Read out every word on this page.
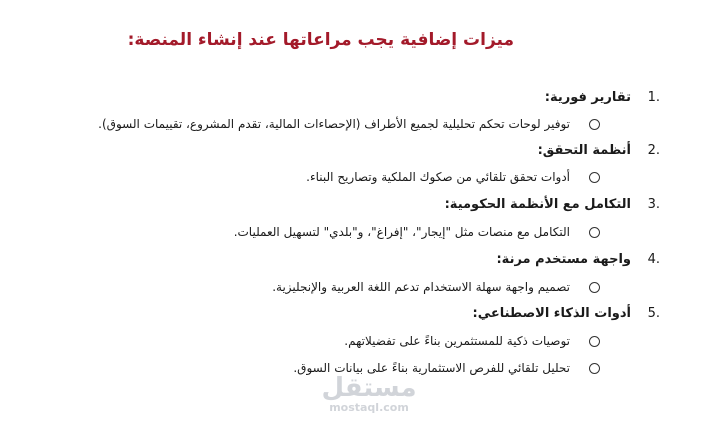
ميزات إضافية يجب مراعاتها عند إنشاء المنصة:
1.
تقارير فورية:
توفير لوحات تحكم تحليلية لجميع الأطراف (الإحصاءات المالية، تقدم المشروع، تقييمات السوق).
2.
أنظمة التحقق:
أدوات تحقق تلقائي من صكوك الملكية وتصاريح البناء.
3.
التكامل مع الأنظمة الحكومية:
التكامل مع منصات مثل "إيجار"، "إفراغ"، و"بلدي" لتسهيل العمليات.
4.
واجهة مستخدم مرنة:
تصميم واجهة سهلة الاستخدام تدعم اللغة العربية والإنجليزية.
5.
أدوات الذكاء الاصطناعي:
توصيات ذكية للمستثمرين بناءً على تفضيلاتهم.
تحليل تلقائي للفرص الاستثمارية بناءً على بيانات السوق.
مستقل
mostaql.com
